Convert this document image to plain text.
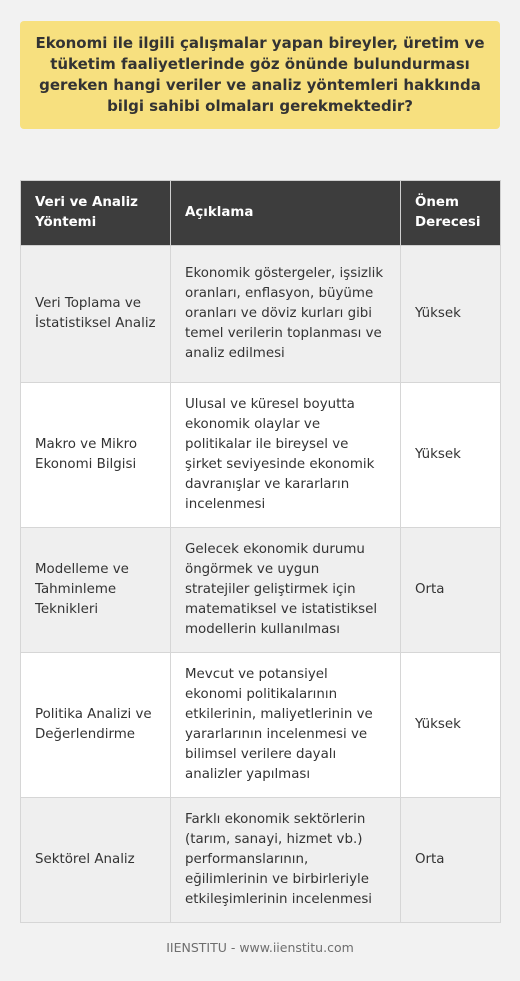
Ekonomi ile ilgili çalışmalar yapan bireyler, üretim ve tüketim faaliyetlerinde göz önünde bulundurması gereken hangi veriler ve analiz yöntemleri hakkında bilgi sahibi olmaları gerekmektedir?
Veri ve Analiz Yöntemi	Açıklama	Önem Derecesi
Veri Toplama ve İstatistiksel Analiz	Ekonomik göstergeler, işsizlik oranları, enflasyon, büyüme oranları ve döviz kurları gibi temel verilerin toplanması ve analiz edilmesi	Yüksek
Makro ve Mikro Ekonomi Bilgisi	Ulusal ve küresel boyutta ekonomik olaylar ve politikalar ile bireysel ve şirket seviyesinde ekonomik davranışlar ve kararların incelenmesi	Yüksek
Modelleme ve Tahminleme Teknikleri	Gelecek ekonomik durumu öngörmek ve uygun stratejiler geliştirmek için matematiksel ve istatistiksel modellerin kullanılması	Orta
Politika Analizi ve Değerlendirme	Mevcut ve potansiyel ekonomi politikalarının etkilerinin, maliyetlerinin ve yararlarının incelenmesi ve bilimsel verilere dayalı analizler yapılması	Yüksek
Sektörel Analiz	Farklı ekonomik sektörlerin (tarım, sanayi, hizmet vb.) performanslarının, eğilimlerinin ve birbirleriyle etkileşimlerinin incelenmesi	Orta
IIENSTITU - www.iienstitu.com
